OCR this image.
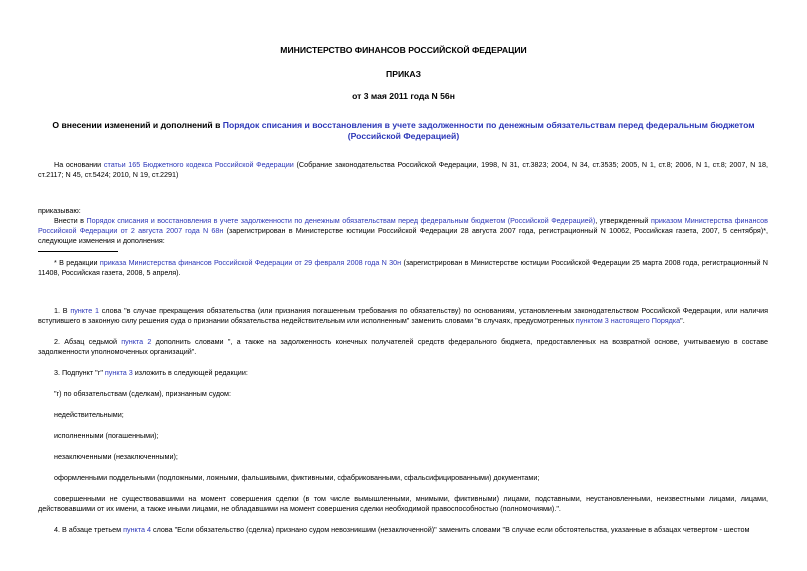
МИНИСТЕРСТВО ФИНАНСОВ РОССИЙСКОЙ ФЕДЕРАЦИИ
ПРИКАЗ
от 3 мая 2011 года N 56н
О внесении изменений и дополнений в Порядок списания и восстановления в учете задолженности по денежным обязательствам перед федеральным бюджетом (Российской Федерацией)
На основании статьи 165 Бюджетного кодекса Российской Федерации (Собрание законодательства Российской Федерации, 1998, N 31, ст.3823; 2004, N 34, ст.3535; 2005, N 1, ст.8; 2006, N 1, ст.8; 2007, N 18, ст.2117; N 45, ст.5424; 2010, N 19, ст.2291)
приказываю:
Внести в Порядок списания и восстановления в учете задолженности по денежным обязательствам перед федеральным бюджетом (Российской Федерацией), утвержденный приказом Министерства финансов Российской Федерации от 2 августа 2007 года N 68н (зарегистрирован в Министерстве юстиции Российской Федерации 28 августа 2007 года, регистрационный N 10062, Российская газета, 2007, 5 сентября)*, следующие изменения и дополнения:
* В редакции приказа Министерства финансов Российской Федерации от 29 февраля 2008 года N 30н (зарегистрирован в Министерстве юстиции Российской Федерации 25 марта 2008 года, регистрационный N 11408, Российская газета, 2008, 5 апреля).
1. В пункте 1 слова "в случае прекращения обязательства (или признания погашенным требования по обязательству) по основаниям, установленным законодательством Российской Федерации, или наличия вступившего в законную силу решения суда о признании обязательства недействительным или исполненным" заменить словами "в случаях, предусмотренных пунктом 3 настоящего Порядка".
2. Абзац седьмой пункта 2 дополнить словами ", а также на задолженность конечных получателей средств федерального бюджета, предоставленных на возвратной основе, учитываемую в составе задолженности уполномоченных организаций".
3. Подпункт "г" пункта 3 изложить в следующей редакции:
"г) по обязательствам (сделкам), признанным судом:
недействительными;
исполненными (погашенными);
незаключенными (незаключенными);
оформленными поддельными (подложными, ложными, фальшивыми, фиктивными, сфабрикованными, сфальсифицированными) документами;
совершенными не существовавшими на момент совершения сделки (в том числе вымышленными, мнимыми, фиктивными) лицами, подставными, неустановленными, неизвестными лицами, лицами, действовавшими от их имени, а также иными лицами, не обладавшими на момент совершения сделки необходимой правоспособностью (полномочиями).".
4. В абзаце третьем пункта 4 слова "Если обязательство (сделка) признано судом невозникшим (незаключенной)" заменить словами "В случае если обстоятельства, указанные в абзацах четвертом - шестом
